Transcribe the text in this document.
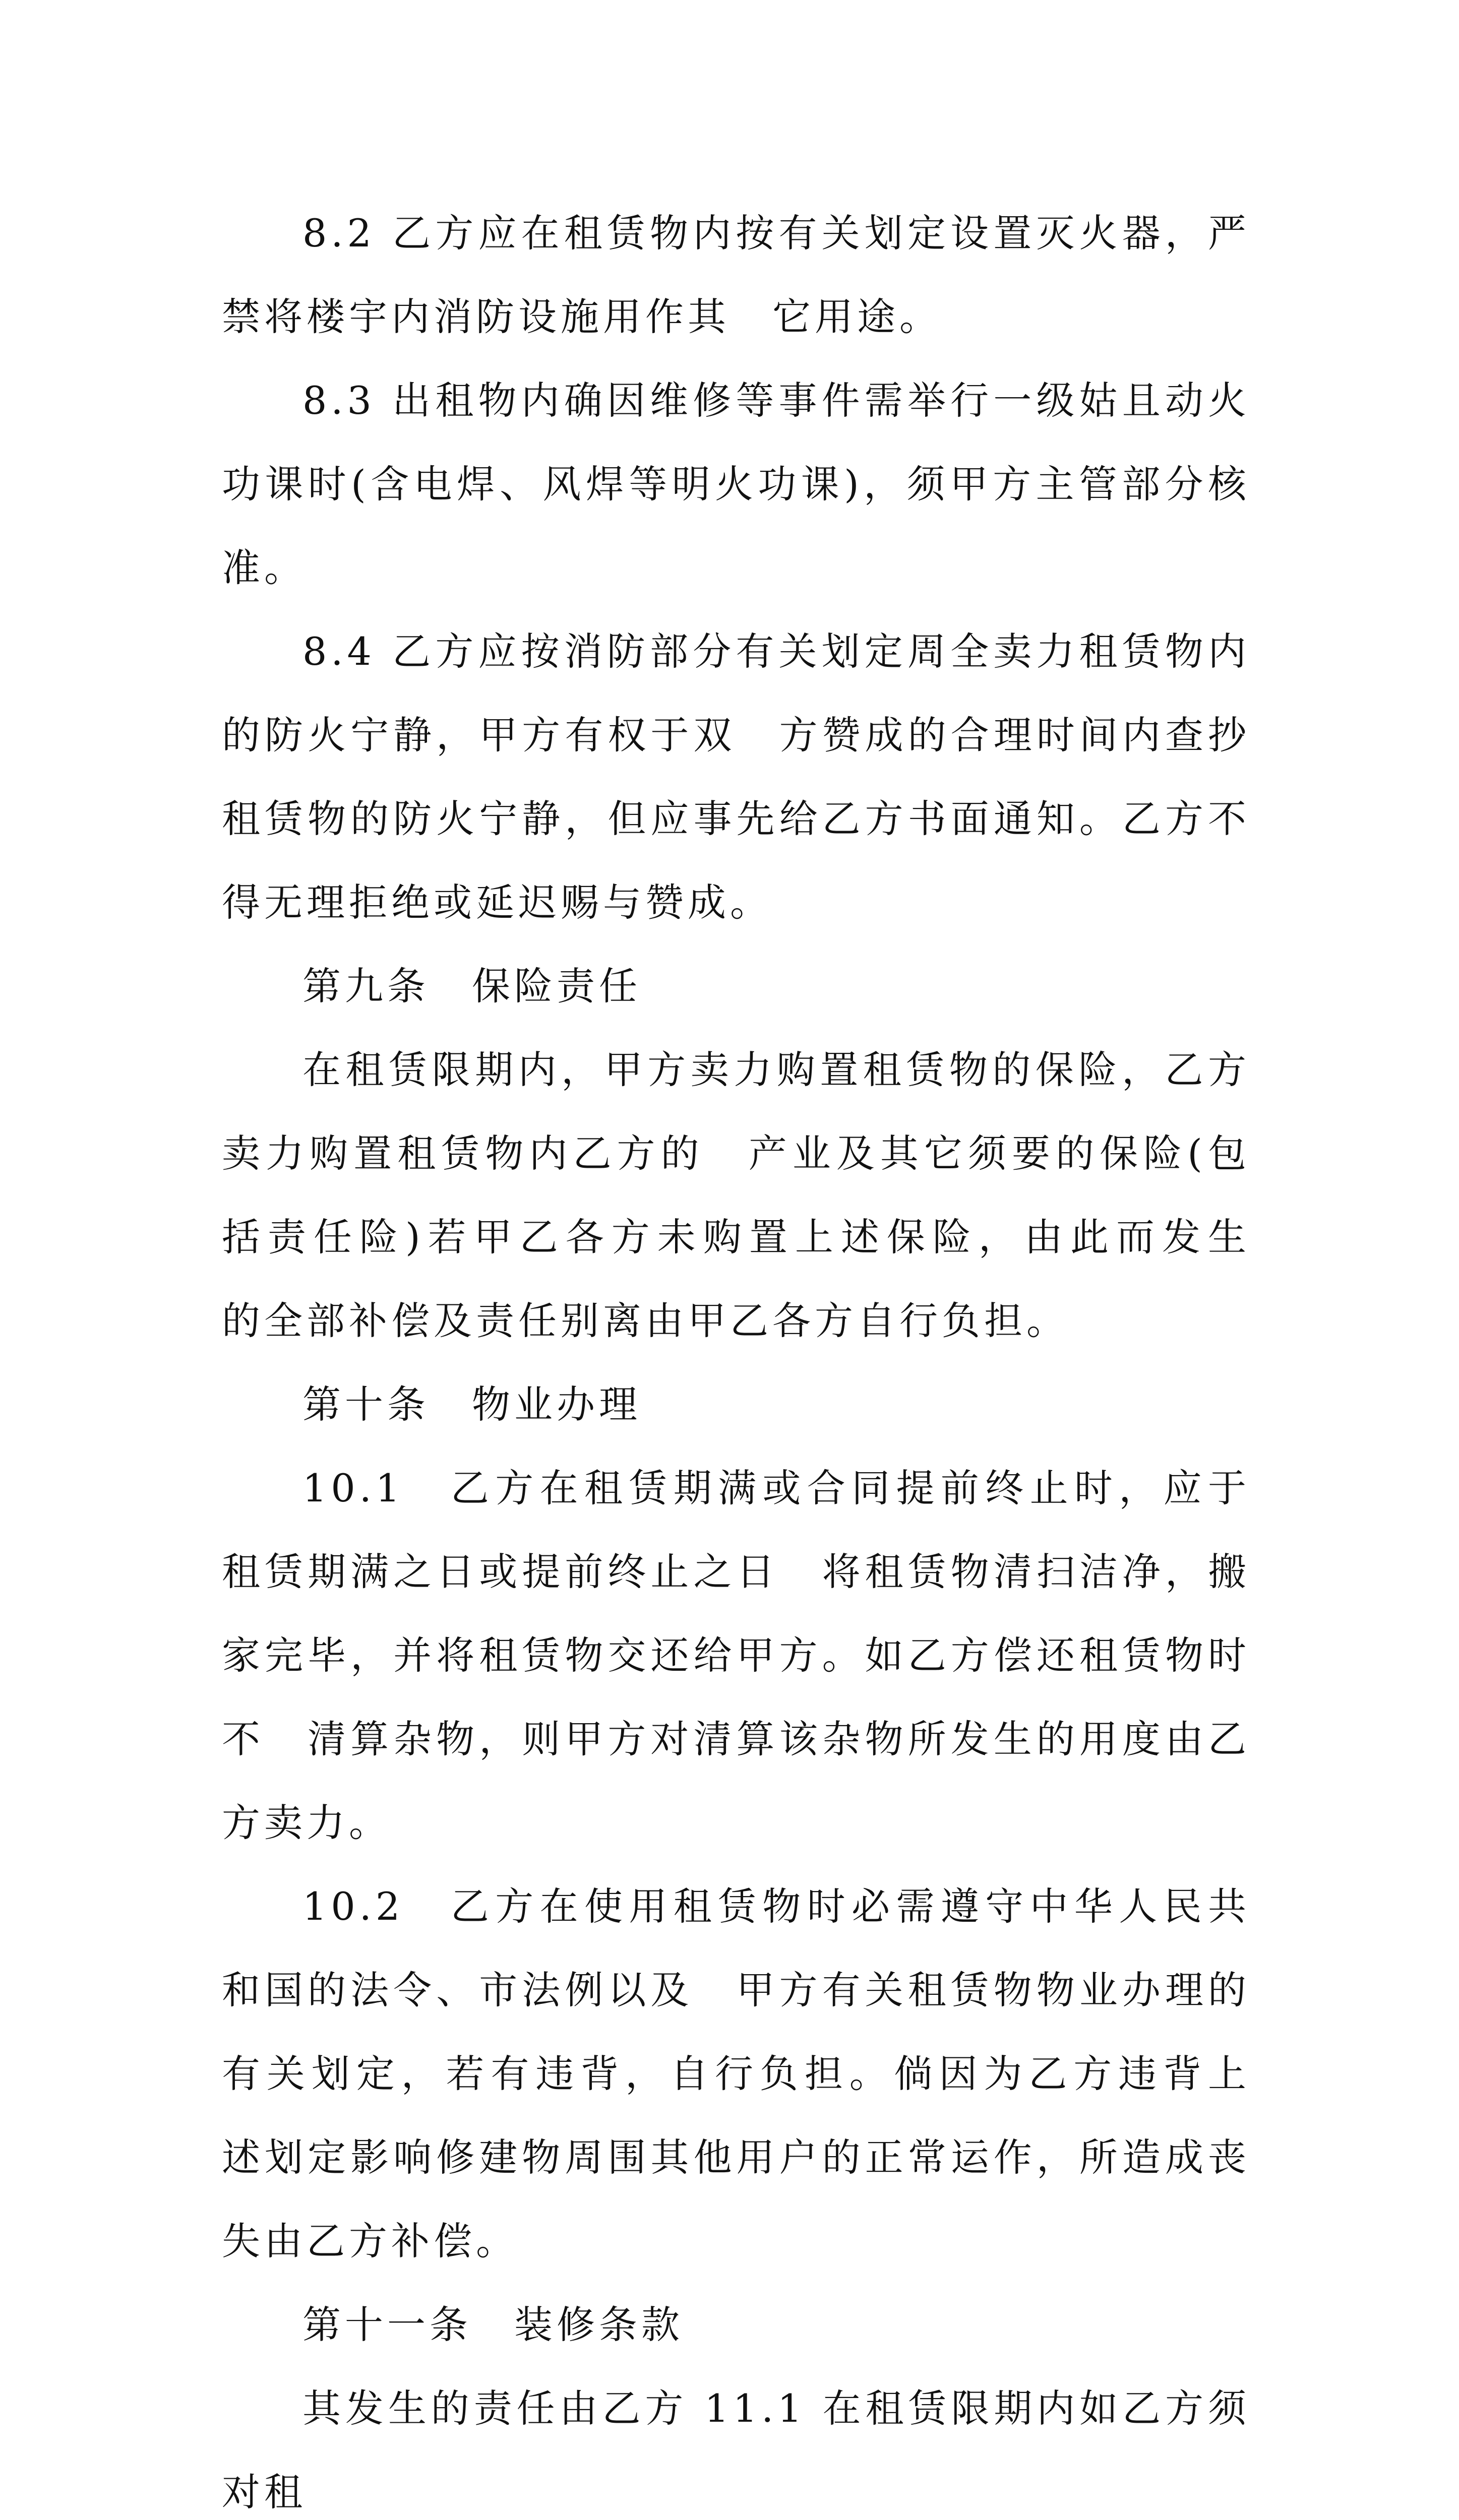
8.2 乙方应在租赁物内按有关划定设置灭火器，严禁将楼宇内消防设施用作其　它用途。

8.3 出租物内确因维修等事件需举行一级姑且动火功课时(含电焊、风焊等明火功课)，须甲方主管部分核准。

8.4 乙方应按消防部分有关划定周全卖力租赁物内的防火宁静，甲方有权于双　方赞成的合理时间内查抄租赁物的防火宁静，但应事先给乙方书面通知。乙方不　得无理拒绝或延迟赐与赞成。

第九条　保险责任

在租赁限期内，甲方卖力购置租赁物的保险，乙方卖力购置租赁物内乙方的　产业及其它须要的保险(包括责任险)若甲乙各方未购置上述保险，由此而发生　的全部补偿及责任别离由甲乙各方自行负担。

第十条　物业办理

10.1　乙方在租赁期满或合同提前终止时，应于租赁期满之日或提前终止之日　将租赁物清扫洁净，搬家完毕，并将租赁物交还给甲方。如乙方偿还租赁物时不　清算杂物，则甲方对清算该杂物所发生的用度由乙方卖力。

10.2　乙方在使用租赁物时必需遵守中华人民共和国的法令、市法例以及　甲方有关租赁物物业办理的有关划定，若有违背，自行负担。倘因为乙方违背上　述划定影响修建物周围其他用户的正常运作，所造成丧失由乙方补偿。

第十一条　装修条款

其发生的责任由乙方 11.1 在租赁限期内如乙方须对租
